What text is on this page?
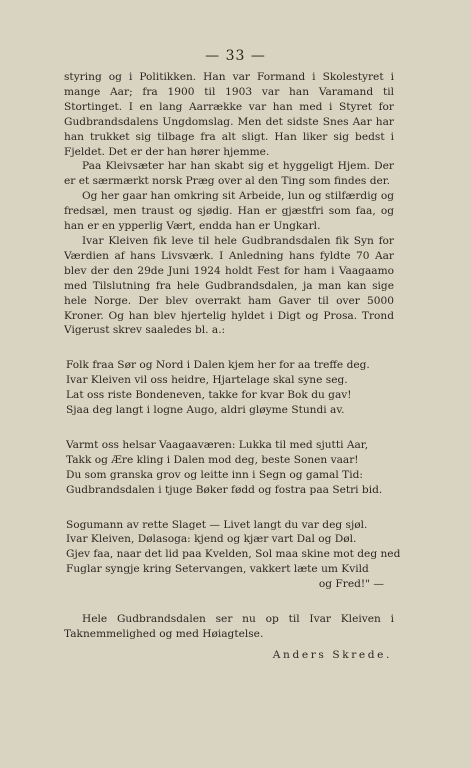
— 33 —

styring og i Politikken. Han var Formand i Skolestyret i mange Aar; fra 1900 til 1903 var han Varamand til Stortinget. I en lang Aarrække var han med i Styret for Gudbrandsdalens Ungdomslag. Men det sidste Snes Aar har han trukket sig tilbage fra alt sligt. Han liker sig bedst i Fjeldet. Det er der han hører hjemme.

Paa Kleivsæter har han skabt sig et hyggeligt Hjem. Der er et særmærkt norsk Præg over al den Ting som findes der.

Og her gaar han omkring sit Arbeide, lun og stilfærdig og fredsæl, men traust og sjødig. Han er gjæstfri som faa, og han er en ypperlig Vært, endda han er Ungkarl.

Ivar Kleiven fik leve til hele Gudbrandsdalen fik Syn for Værdien af hans Livsværk. I Anledning hans fyldte 70 Aar blev der den 29de Juni 1924 holdt Fest for ham i Vaagaamo med Tilslutning fra hele Gudbrandsdalen, ja man kan sige hele Norge. Der blev overrakt ham Gaver til over 5000 Kroner. Og han blev hjertelig hyldet i Digt og Prosa. Trond Vigerust skrev saaledes bl. a.:

Folk fraa Sør og Nord i Dalen kjem her for aa treffe deg.
Ivar Kleiven vil oss heidre, Hjartelage skal syne seg.
Lat oss riste Bondeneven, takke for kvar Bok du gav!
Sjaa deg langt i logne Augo, aldri gløyme Stundi av.
Varmt oss helsar Vaagaaværen: Lukka til med sjutti Aar,
Takk og Ære kling i Dalen mod deg, beste Sonen vaar!
Du som granska grov og leitte inn i Segn og gamal Tid:
Gudbrandsdalen i tjuge Bøker fødd og fostra paa Setri bid.
Sogumann av rette Slaget — Livet langt du var deg sjøl.
Ivar Kleiven, Dølasoga: kjend og kjær vart Dal og Døl.
Gjev faa, naar det lid paa Kvelden, Sol maa skine mot deg ned
Fuglar syngje kring Setervangen, vakkert læte um Kvild
og Fred!" —

Hele Gudbrandsdalen ser nu op til Ivar Kleiven i Taknemmelighed og med Høiagtelse.

Anders Skrede.
